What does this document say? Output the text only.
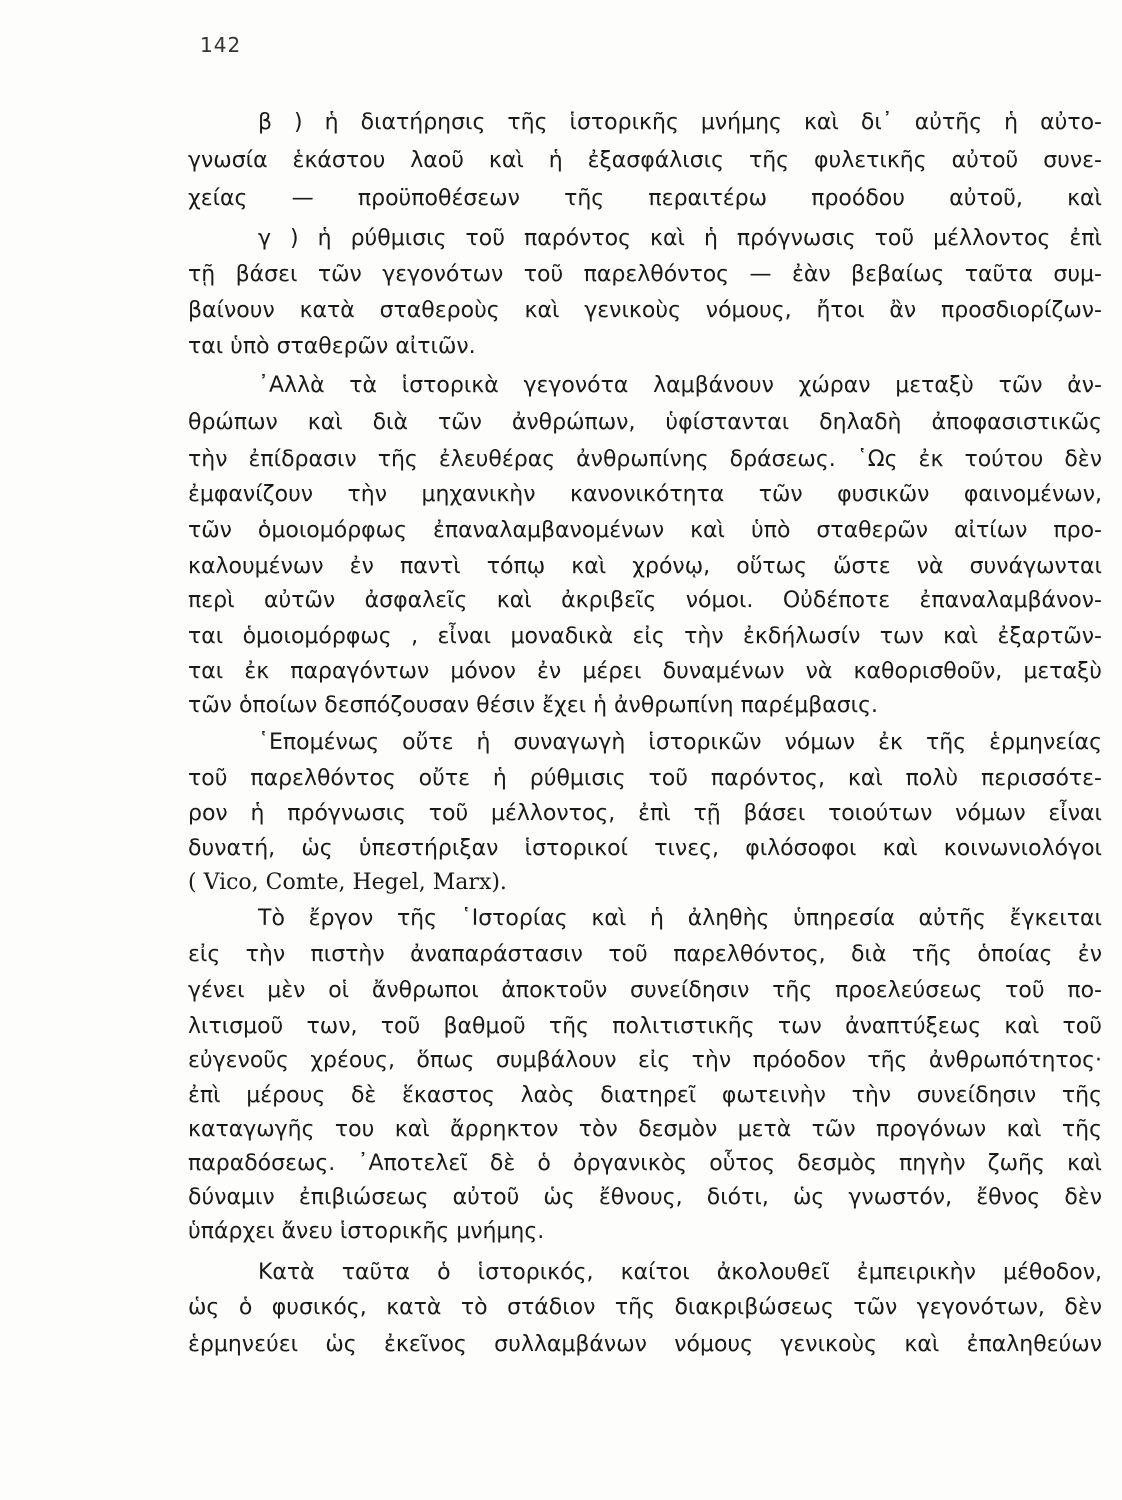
142
β ) ἡ διατήρησις τῆς ἱστορικῆς μνήμης καὶ δι᾽ αὐτῆς ἡ αὐτο-
γνωσία ἑκάστου λαοῦ καὶ ἡ ἐξασφάλισις τῆς φυλετικῆς αὐτοῦ συνε-
χείας — προϋποθέσεων τῆς περαιτέρω προόδου αὐτοῦ, καὶ
γ ) ἡ ρύθμισις τοῦ παρόντος καὶ ἡ πρόγνωσις τοῦ μέλλοντος ἐπὶ
τῇ βάσει τῶν γεγονότων τοῦ παρελθόντος — ἐὰν βεβαίως ταῦτα συμ-
βαίνουν κατὰ σταθεροὺς καὶ γενικοὺς νόμους, ἤτοι ἂν προσδιορίζων-
ται ὑπὸ σταθερῶν αἰτιῶν.
᾽Αλλὰ τὰ ἱστορικὰ γεγονότα λαμβάνουν χώραν μεταξὺ τῶν ἀν-
θρώπων καὶ διὰ τῶν ἀνθρώπων, ὑφίστανται δηλαδὴ ἀποφασιστικῶς
τὴν ἐπίδρασιν τῆς ἐλευθέρας ἀνθρωπίνης δράσεως. ῾Ως ἐκ τούτου δὲν
ἐμφανίζουν τὴν μηχανικὴν κανονικότητα τῶν φυσικῶν φαινομένων,
τῶν ὁμοιομόρφως ἐπαναλαμβανομένων καὶ ὑπὸ σταθερῶν αἰτίων προ-
καλουμένων ἐν παντὶ τόπῳ καὶ χρόνῳ, οὕτως ὥστε νὰ συνάγωνται
περὶ αὐτῶν ἀσφαλεῖς καὶ ἀκριβεῖς νόμοι. Οὐδέποτε ἐπαναλαμβάνον-
ται ὁμοιομόρφως , εἶναι μοναδικὰ εἰς τὴν ἐκδήλωσίν των καὶ ἐξαρτῶν-
ται ἐκ παραγόντων μόνον ἐν μέρει δυναμένων νὰ καθορισθοῦν, μεταξὺ
τῶν ὁποίων δεσπόζουσαν θέσιν ἔχει ἡ ἀνθρωπίνη παρέμβασις.
῾Επομένως οὔτε ἡ συναγωγὴ ἱστορικῶν νόμων ἐκ τῆς ἑρμηνείας
τοῦ παρελθόντος οὔτε ἡ ρύθμισις τοῦ παρόντος, καὶ πολὺ περισσότε-
ρον ἡ πρόγνωσις τοῦ μέλλοντος, ἐπὶ τῇ βάσει τοιούτων νόμων εἶναι
δυνατή, ὡς ὑπεστήριξαν ἱστορικοί τινες, φιλόσοφοι καὶ κοινωνιολόγοι
( Vico, Comte, Hegel, Marx).
Τὸ ἔργον τῆς ῾Ιστορίας καὶ ἡ ἀληθὴς ὑπηρεσία αὐτῆς ἔγκειται
εἰς τὴν πιστὴν ἀναπαράστασιν τοῦ παρελθόντος, διὰ τῆς ὁποίας ἐν
γένει μὲν οἱ ἄνθρωποι ἀποκτοῦν συνείδησιν τῆς προελεύσεως τοῦ πο-
λιτισμοῦ των, τοῦ βαθμοῦ τῆς πολιτιστικῆς των ἀναπτύξεως καὶ τοῦ
εὐγενοῦς χρέους, ὅπως συμβάλουν εἰς τὴν πρόοδον τῆς ἀνθρωπότητος·
ἐπὶ μέρους δὲ ἕκαστος λαὸς διατηρεῖ φωτεινὴν τὴν συνείδησιν τῆς
καταγωγῆς του καὶ ἄρρηκτον τὸν δεσμὸν μετὰ τῶν προγόνων καὶ τῆς
παραδόσεως. ᾽Αποτελεῖ δὲ ὁ ὀργανικὸς οὗτος δεσμὸς πηγὴν ζωῆς καὶ
δύναμιν ἐπιβιώσεως αὐτοῦ ὡς ἔθνους, διότι, ὡς γνωστόν, ἔθνος δὲν
ὑπάρχει ἄνευ ἱστορικῆς μνήμης.
Κατὰ ταῦτα ὁ ἱστορικός, καίτοι ἀκολουθεῖ ἐμπειρικὴν μέθοδον,
ὡς ὁ φυσικός, κατὰ τὸ στάδιον τῆς διακριβώσεως τῶν γεγονότων, δὲν
ἑρμηνεύει ὡς ἐκεῖνος συλλαμβάνων νόμους γενικοὺς καὶ ἐπαληθεύων
